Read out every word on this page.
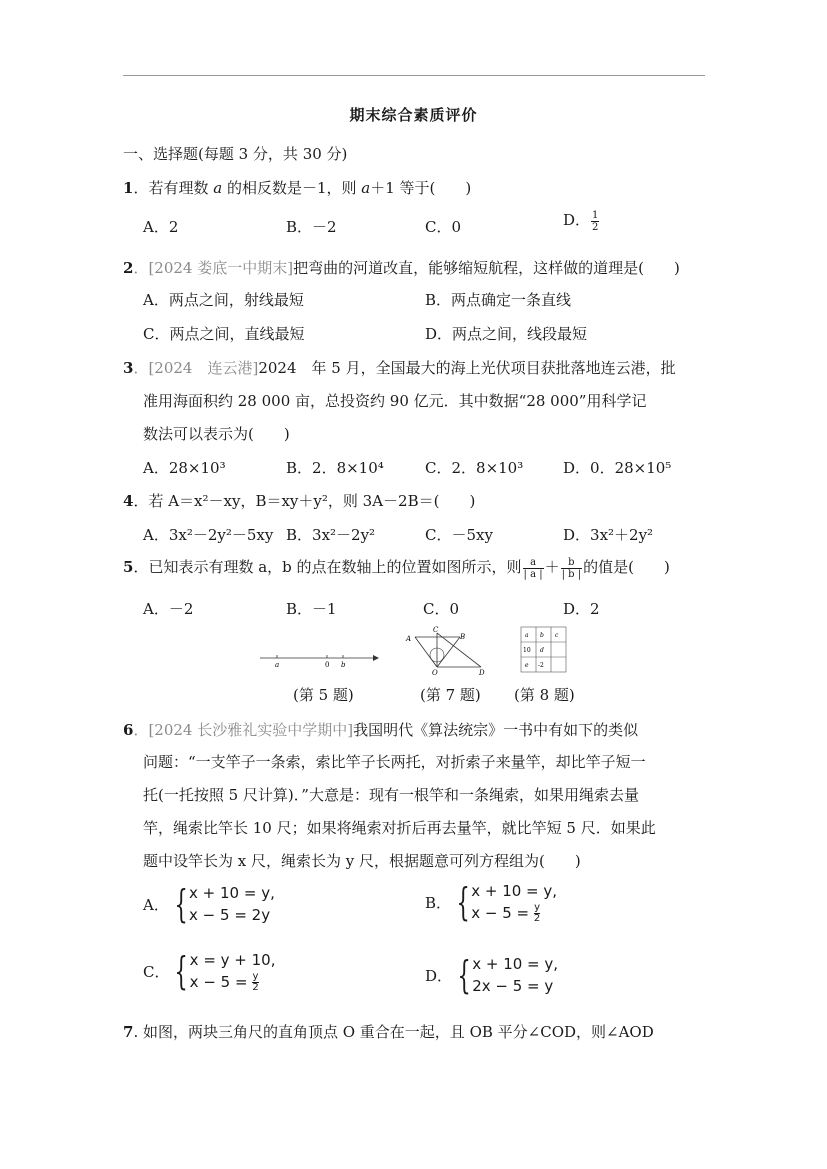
期末综合素质评价
一、选择题(每题 3 分，共 30 分)
1．若有理数 a 的相反数是－1，则 a＋1 等于(　　)
A．2	B．－2	C．0	D． $\frac{1}{2}$
2．[2024 娄底一中期末]把弯曲的河道改直，能够缩短航程，这样做的道理是(　　)
A．两点之间，射线最短	B．两点确定一条直线
C．两点之间，直线最短	D．两点之间，线段最短
3．[2024　连云港]2024　年 5 月，全国最大的海上光伏项目获批落地连云港，批
准用海面积约 28 000 亩，总投资约 90 亿元．其中数据“28 000”用科学记
数法可以表示为(　　)
A．28×10³	B．2．8×10⁴	C．2．8×10³	D．0．28×10⁵
4．若 A＝x²－xy，B＝xy＋y²，则 3A－2B＝(　　)
A．3x²－2y²－5xy B．3x²－2y²	C．－5xy	D．3x²＋2y²
5．已知表示有理数 a，b 的点在数轴上的位置如图所示，则 $\frac{a}{| a |} + \frac{b}{| b |}$ 的值是(　　)
A．－2	B．－1	C．0	D．2
a	0 b
A
C
B
O	D
a b c
10 d
e -2
(第 5 题)	(第 7 题) (第 8 题)
6．[2024 长沙雅礼实验中学期中]我国明代《算法统宗》一书中有如下的类似
问题：“一支竿子一条索，索比竿子长两托，对折索子来量竿，却比竿子短一
托(一托按照 5 尺计算)．”大意是：现有一根竿和一条绳索，如果用绳索去量
竿，绳索比竿长 10 尺；如果将绳索对折后再去量竿，就比竿短 5 尺．如果此
题中设竿长为 x 尺，绳索长为 y 尺，根据题意可列方程组为(　　)
A． { x + 10 = y,
x − 5 = 2y
B． { x + 10 = y,
$x - 5 = \frac{y}{2}$
C． { x = y + 10,
$x - 5 = \frac{y}{2}$	D． { x + 10 = y,
2x − 5 = y
7. 如图，两块三角尺的直角顶点 O 重合在一起，且 OB 平分∠COD，则∠AOD
